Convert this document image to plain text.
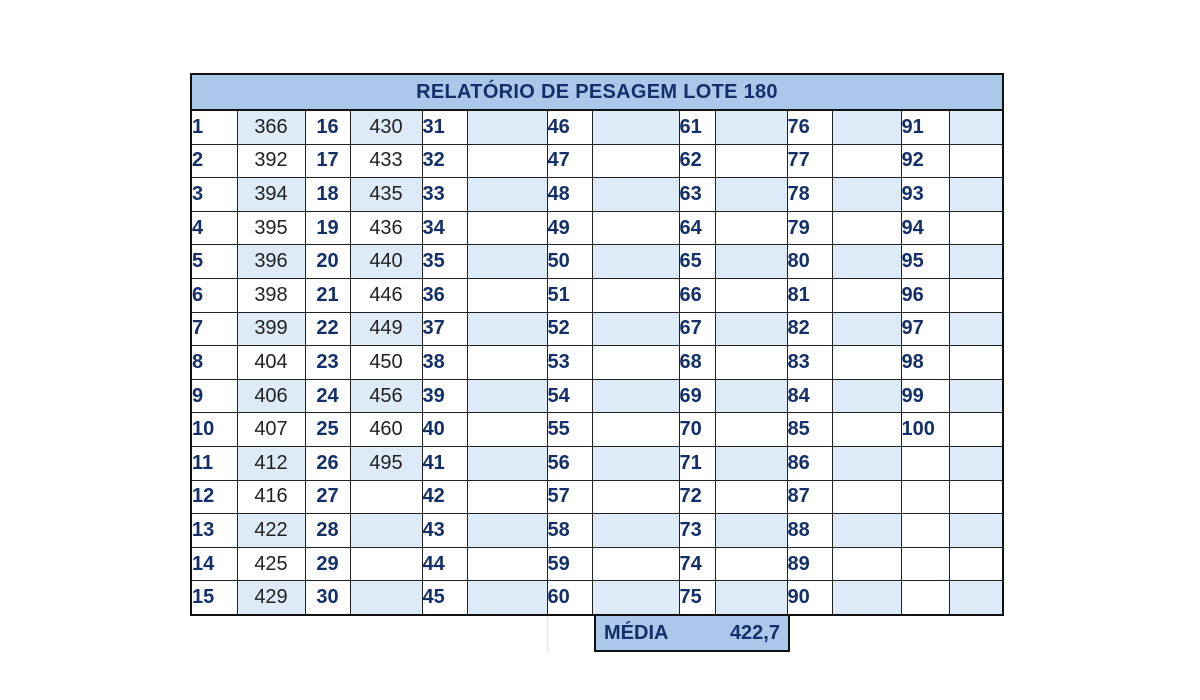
RELATÓRIO DE PESAGEM LOTE 180
1	366	16	430	31		46		61		76		91	
2	392	17	433	32		47		62		77		92	
3	394	18	435	33		48		63		78		93	
4	395	19	436	34		49		64		79		94	
5	396	20	440	35		50		65		80		95	
6	398	21	446	36		51		66		81		96	
7	399	22	449	37		52		67		82		97	
8	404	23	450	38		53		68		83		98	
9	406	24	456	39		54		69		84		99	
10	407	25	460	40		55		70		85		100	
11	412	26	495	41		56		71		86			
12	416	27		42		57		72		87			
13	422	28		43		58		73		88			
14	425	29		44		59		74		89			
15	429	30		45		60		75		90			
MÉDIA	422,7
